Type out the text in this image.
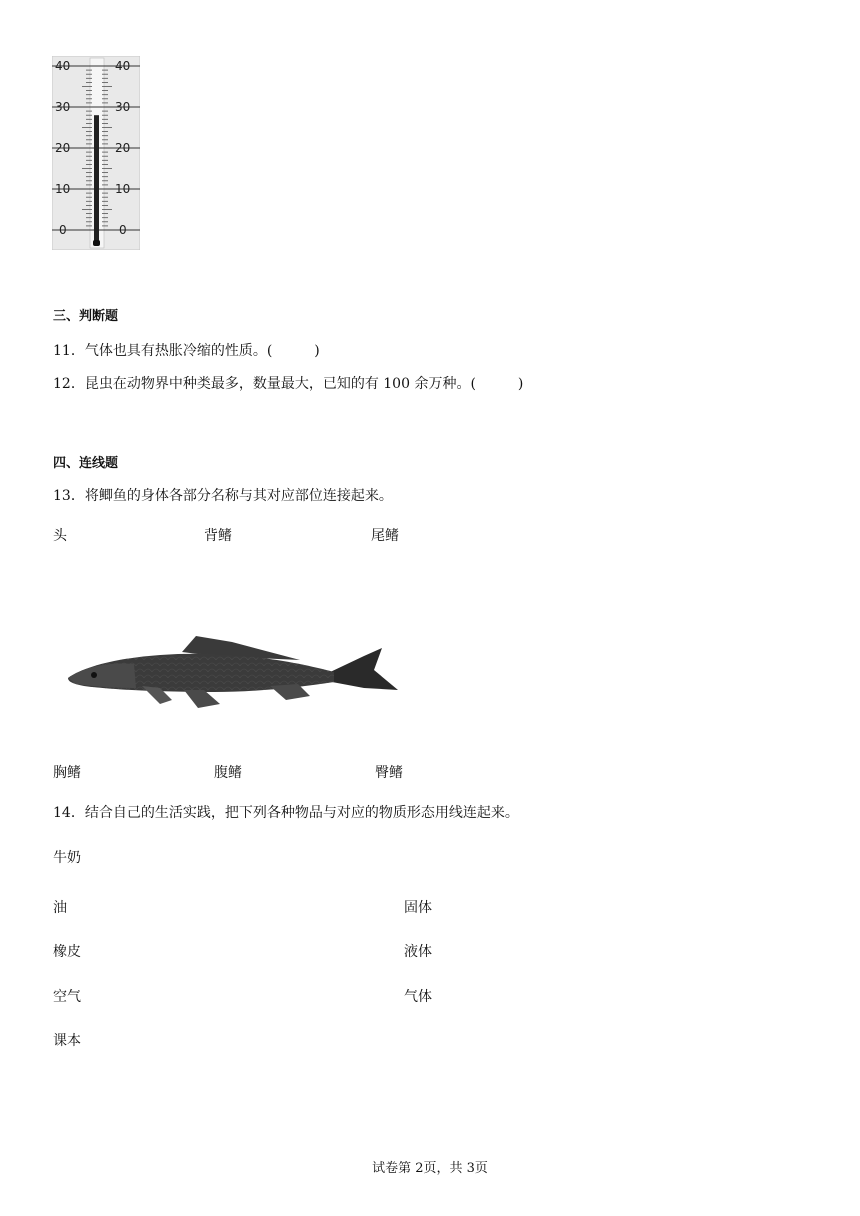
40	40
30	30
20	20
10	10
0	0
三、判断题
11．气体也具有热胀冷缩的性质。(	)
12．昆虫在动物界中种类最多，数量最大，已知的有 100 余万种。(	)
四、连线题
13．将鲫鱼的身体各部分名称与其对应部位连接起来。
头	背鳍	尾鳍
胸鳍	腹鳍	臀鳍
14．结合自己的生活实践，把下列各种物品与对应的物质形态用线连起来。
牛奶
油
橡皮
空气
课本
固体
液体
气体
试卷第 2页，共 3页
